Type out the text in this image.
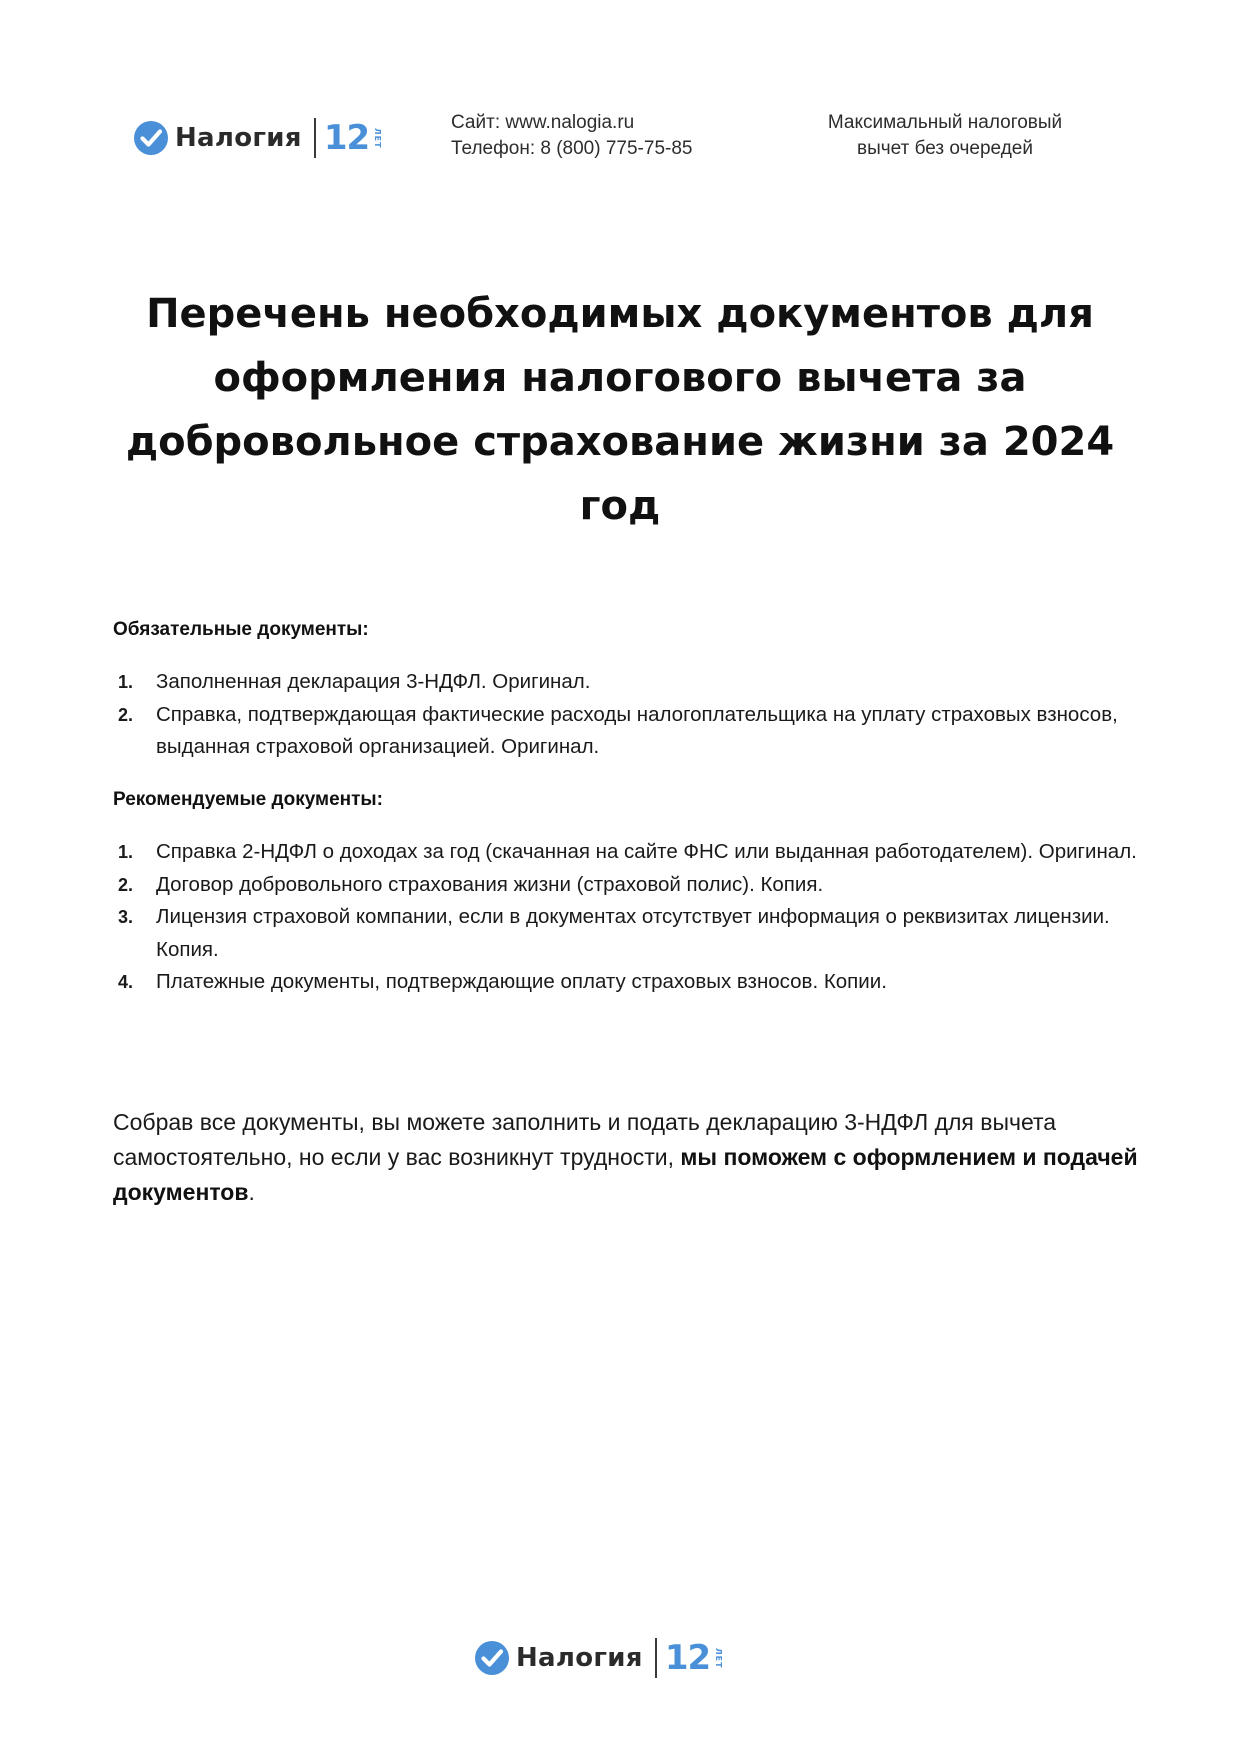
Налогия 12 ЛЕТ
Сайт: www.nalogia.ru
Телефон: 8 (800) 775-75-85
Максимальный налоговый
вычет без очередей
Перечень необходимых документов для оформления налогового вычета за добровольное страхование жизни за 2024 год

Обязательные документы:

1.	Заполненная декларация 3-НДФЛ. Оригинал.
2.	Справка, подтверждающая фактические расходы налогоплательщика на уплату страховых взносов, выданная страховой организацией. Оригинал.

Рекомендуемые документы:

1.	Справка 2-НДФЛ о доходах за год (скачанная на сайте ФНС или выданная работодателем). Оригинал.
2.	Договор добровольного страхования жизни (страховой полис). Копия.
3.	Лицензия страховой компании, если в документах отсутствует информация о реквизитах лицензии. Копия.
4.	Платежные документы, подтверждающие оплату страховых взносов. Копии.

Собрав все документы, вы можете заполнить и подать декларацию 3-НДФЛ для вычета самостоятельно, но если у вас возникнут трудности, мы поможем с оформлением и подачей документов.

Налогия 12 ЛЕТ
